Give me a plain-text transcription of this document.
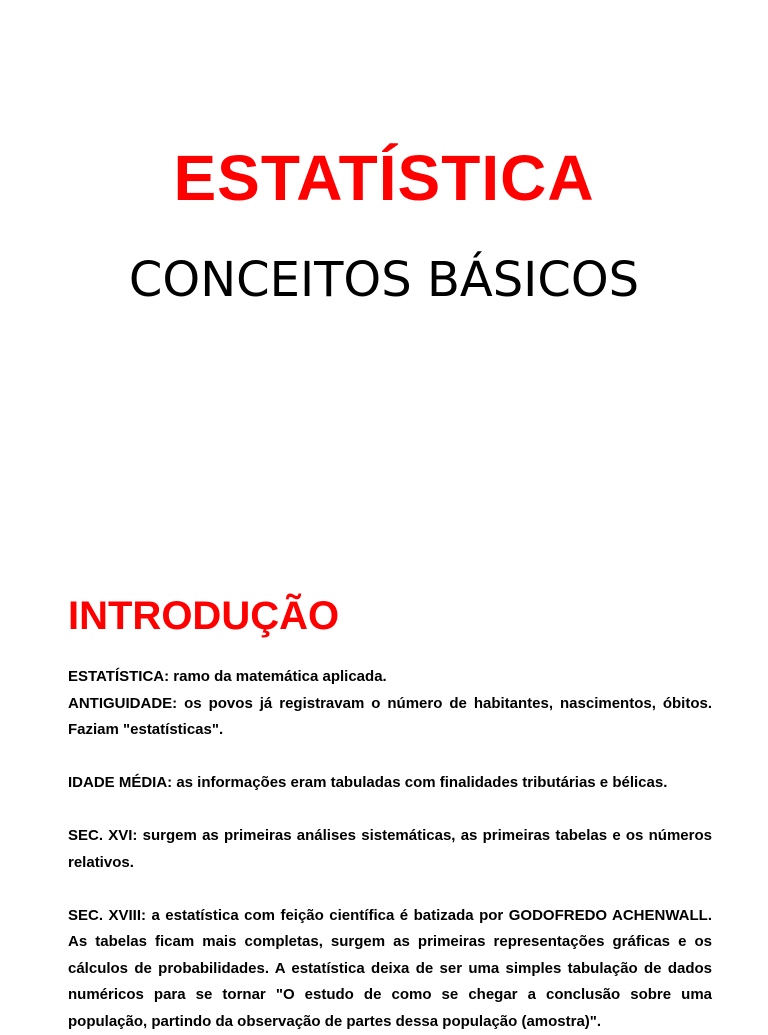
ESTATÍSTICA
CONCEITOS BÁSICOS
INTRODUÇÃO

ESTATÍSTICA: ramo da matemática aplicada.

ANTIGUIDADE: os povos já registravam o número de habitantes, nascimentos, óbitos. Faziam "estatísticas".

IDADE MÉDIA: as informações eram tabuladas com finalidades tributárias e bélicas.

SEC. XVI: surgem as primeiras análises sistemáticas, as primeiras tabelas e os números relativos.

SEC. XVIII: a estatística com feição científica é batizada por GODOFREDO ACHENWALL. As tabelas ficam mais completas, surgem as primeiras representações gráficas e os cálculos de probabilidades. A estatística deixa de ser uma simples tabulação de dados numéricos para se tornar "O estudo de como se chegar a conclusão sobre uma população, partindo da observação de partes dessa população (amostra)".
